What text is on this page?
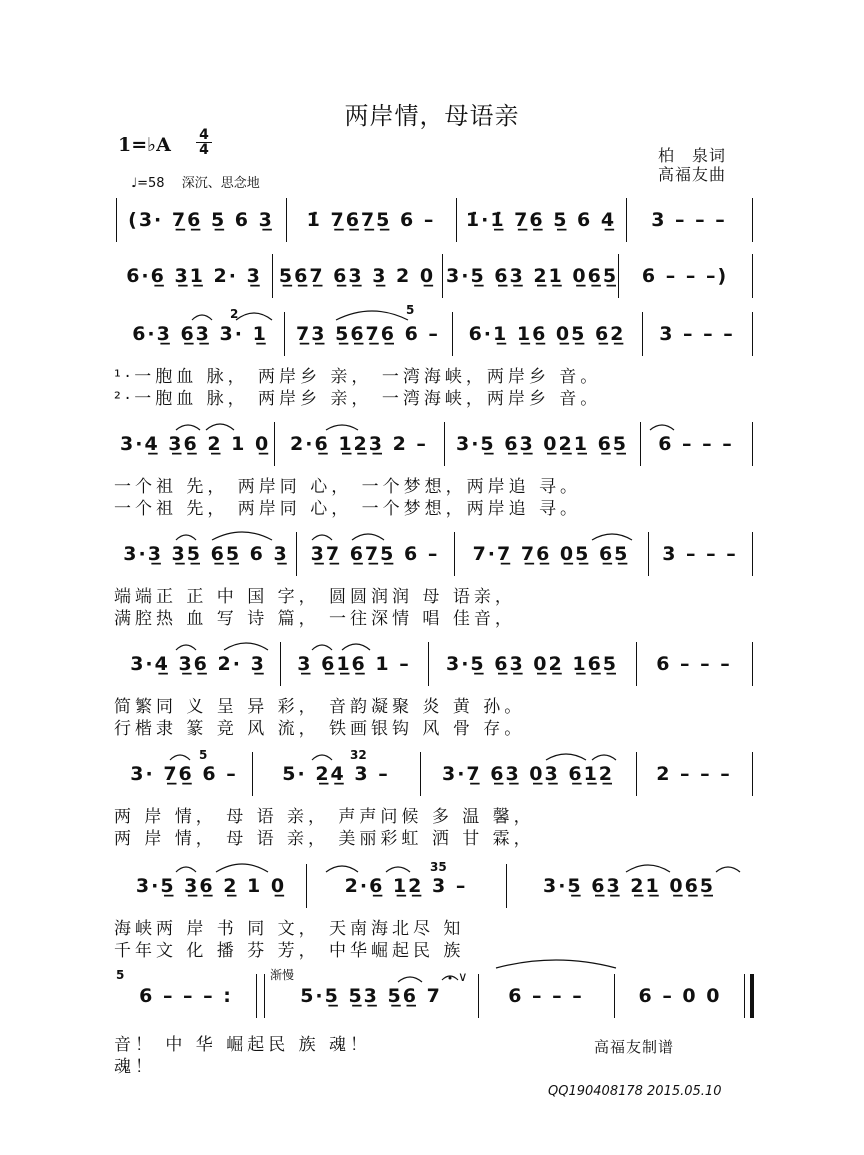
两岸情，母语亲
1=♭A $\frac{4}{4}$
♩=58　 深沉、思念地
柏　泉词
高福友曲
(3· 7̲6̲ 5̲ 6 3̲	1̇ 7̲6̲7̲5̲ 6 –	1̇·1̲̇ 7̲6̲ 5̲ 6 4̲	3 – – –
6·6̲ 3̲1̲ 2· 3̲ 5̲6̲7̲ 6̲3̲ 3̲ 2 0̲ 3·5̲ 6̲3̲ 2̲1̲ 0̲6̲5̲	6 – – –)
6·3̲ 6̲3̲ 3· 1̲	7̲3̲ 5̲6̲7̲6̲ 6 –	6·1̲ 1̲6̲ 0̲5̲ 6̲2̲	3 – – –
¹·一胞血 脉， 两岸乡 亲， 一湾海峡，两岸乡 音。
²·一胞血 脉， 两岸乡 亲， 一湾海峡，两岸乡 音。
3·4̲ 3̲6̲ 2̲ 1 0̲	2·6̲ 1̲2̲3̲ 2 –	3·5̲ 6̲3̲ 0̲2̲1̲ 6̲5̲	6 – – –
一个祖 先， 两岸同 心， 一个梦想，两岸追 寻。
一个祖 先， 两岸同 心， 一个梦想，两岸追 寻。
3·3̲ 3̲5̲ 6̲5̲ 6 3̲	3̲7̲ 6̲7̲5̲ 6 –	7·7̲ 7̲6̲ 0̲5̲ 6̲5̲	3 – – –
端端正 正 中 国 字， 圆圆润润 母 语亲，
满腔热 血 写 诗 篇， 一往深情 唱 佳音，
3·4̲ 3̲6̲ 2· 3̲	3̲ 6̲1̲6̲ 1 –	3·5̲ 6̲3̲ 0̲2̲ 1̲6̲5̲	6 – – –
简繁同 义 呈 异 彩， 音韵凝聚 炎 黄 孙。
行楷隶 篆 竞 风 流， 铁画银钩 风 骨 存。
3· 7̲6̲ 6 –	5· 2̲4̲ 3 –	3·7̲ 6̲3̲ 0̲3̲ 6̲1̲2̲	2 – – –
两 岸 情， 母 语 亲， 声声问候 多 温 馨，
两 岸 情， 母 语 亲， 美丽彩虹 洒 甘 霖，
3·5̲ 3̲6̲ 2̲ 1 0̲	2·6̲ 1̲2̲ 3 –	3·5̲ 6̲3̲ 2̲1̲ 0̲6̲5̲
海峡两 岸 书 同 文， 天南海北尽 知
千年文 化 播 芬 芳， 中华崛起民 族
6 – – – :	5·5̲ 5̲3̲ 5̲6̲ 7	6 – – –	6 – 0 0
音！ 中 华 崛起民 族 魂！
魂！
2	5
5	32
35
5	渐慢	∨
高福友制谱
QQ190408178 2015.05.10
